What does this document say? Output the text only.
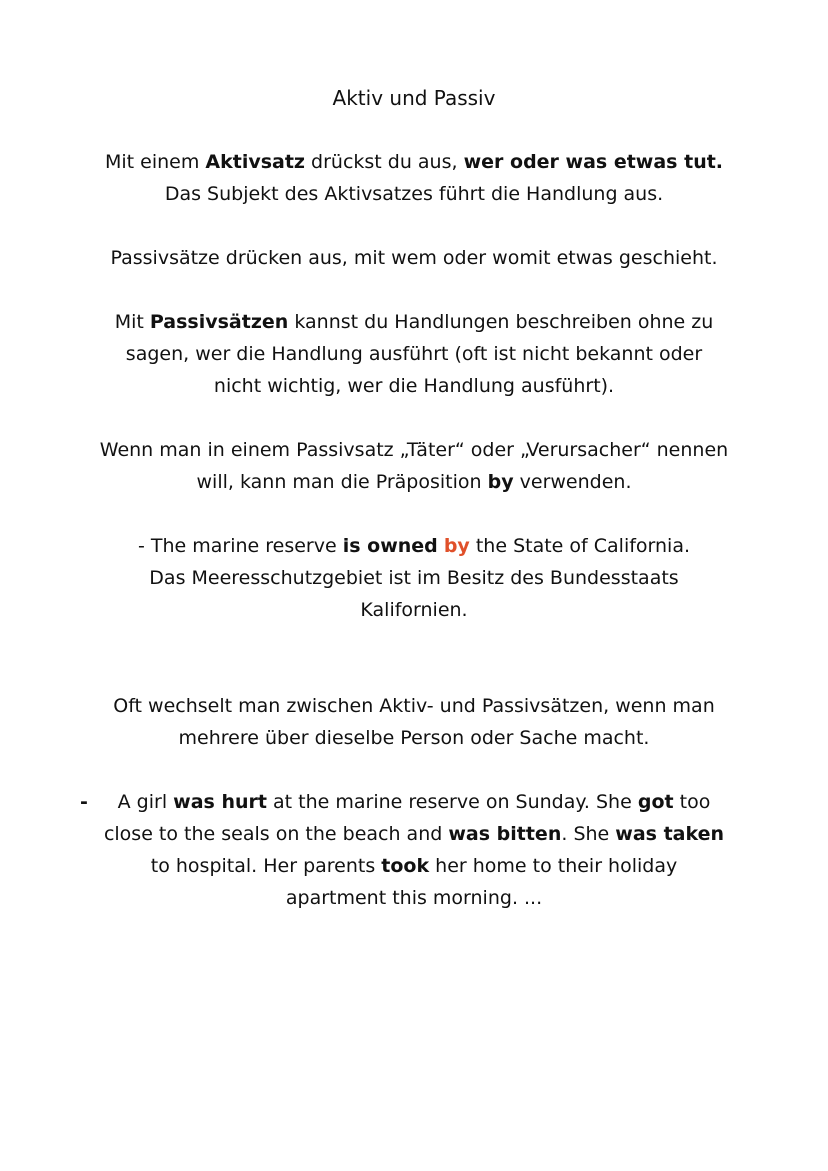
Aktiv und Passiv
Mit einem Aktivsatz drückst du aus, wer oder was etwas tut.
Das Subjekt des Aktivsatzes führt die Handlung aus.
Passivsätze drücken aus, mit wem oder womit etwas geschieht.
Mit Passivsätzen kannst du Handlungen beschreiben ohne zu
sagen, wer die Handlung ausführt (oft ist nicht bekannt oder
nicht wichtig, wer die Handlung ausführt).
Wenn man in einem Passivsatz „Täter“ oder „Verursacher“ nennen
will, kann man die Präposition by verwenden.
- The marine reserve is owned by the State of California.
Das Meeresschutzgebiet ist im Besitz des Bundesstaats
Kalifornien.
Oft wechselt man zwischen Aktiv- und Passivsätzen, wenn man
mehrere über dieselbe Person oder Sache macht.
-	A girl was hurt at the marine reserve on Sunday. She got too
close to the seals on the beach and was bitten. She was taken
to hospital. Her parents took her home to their holiday
apartment this morning. ...
